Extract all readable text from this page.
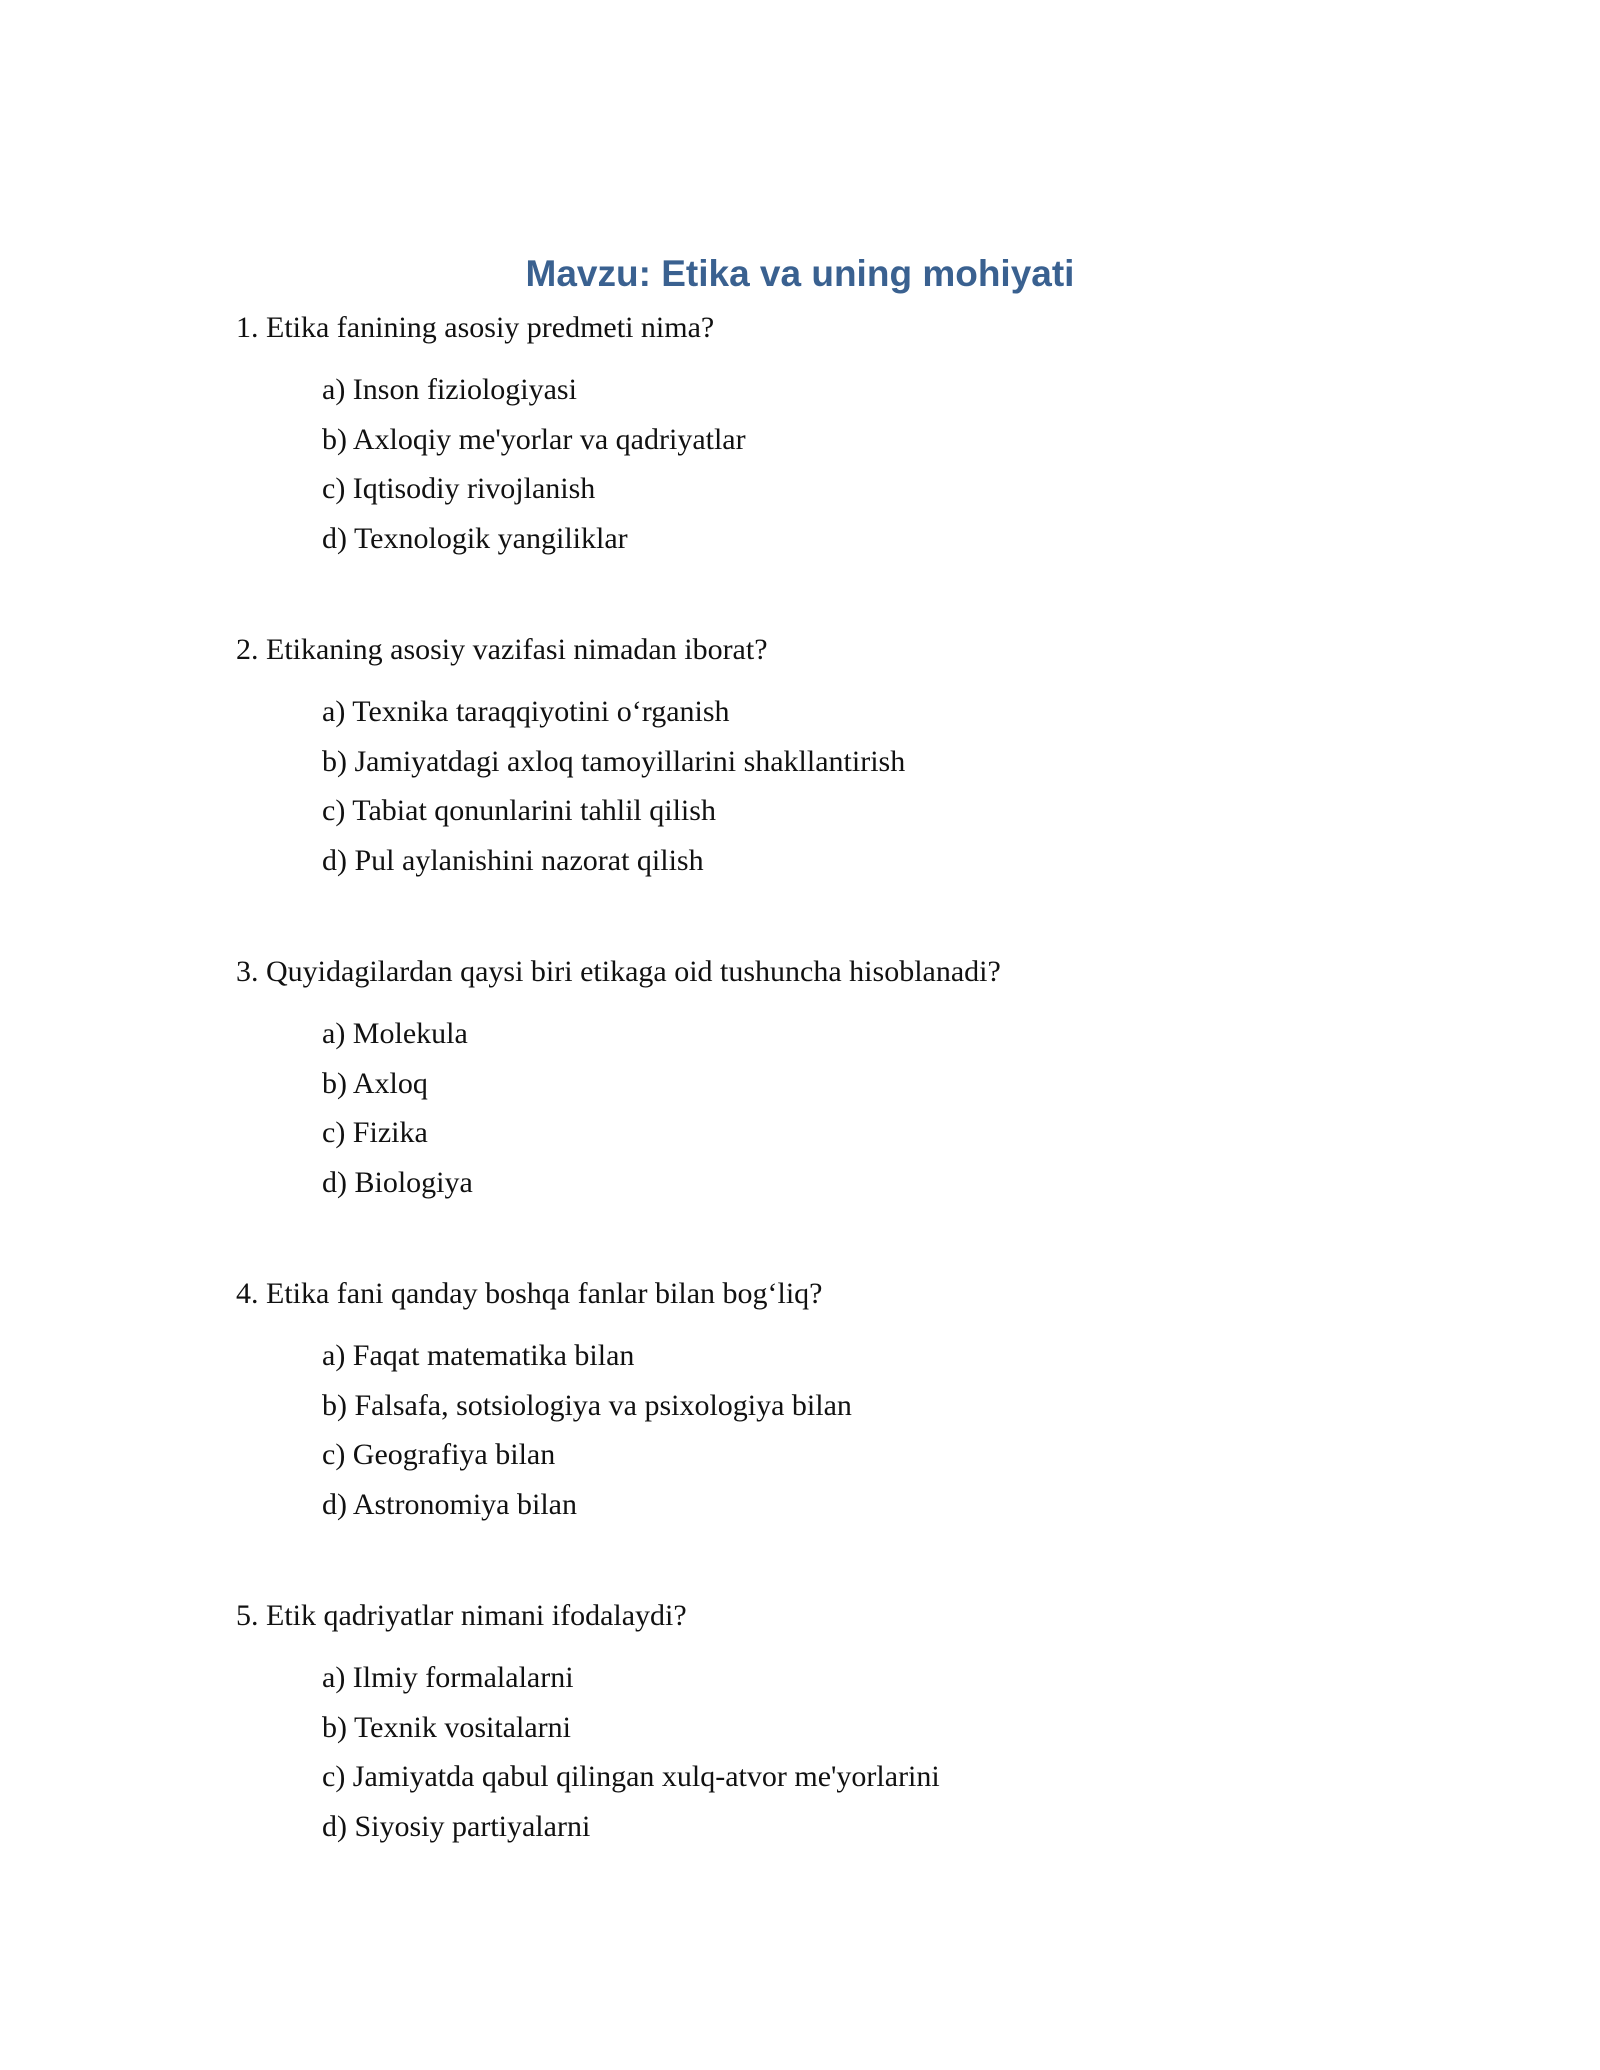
Mavzu: Etika va uning mohiyati
1. Etika fanining asosiy predmeti nima?
a) Inson fiziologiyasi
b) Axloqiy me'yorlar va qadriyatlar
c) Iqtisodiy rivojlanish
d) Texnologik yangiliklar
2. Etikaning asosiy vazifasi nimadan iborat?
a) Texnika taraqqiyotini o‘rganish
b) Jamiyatdagi axloq tamoyillarini shakllantirish
c) Tabiat qonunlarini tahlil qilish
d) Pul aylanishini nazorat qilish
3. Quyidagilardan qaysi biri etikaga oid tushuncha hisoblanadi?
a) Molekula
b) Axloq
c) Fizika
d) Biologiya
4. Etika fani qanday boshqa fanlar bilan bog‘liq?
a) Faqat matematika bilan
b) Falsafa, sotsiologiya va psixologiya bilan
c) Geografiya bilan
d) Astronomiya bilan
5. Etik qadriyatlar nimani ifodalaydi?
a) Ilmiy formalalarni
b) Texnik vositalarni
c) Jamiyatda qabul qilingan xulq-atvor me'yorlarini
d) Siyosiy partiyalarni
